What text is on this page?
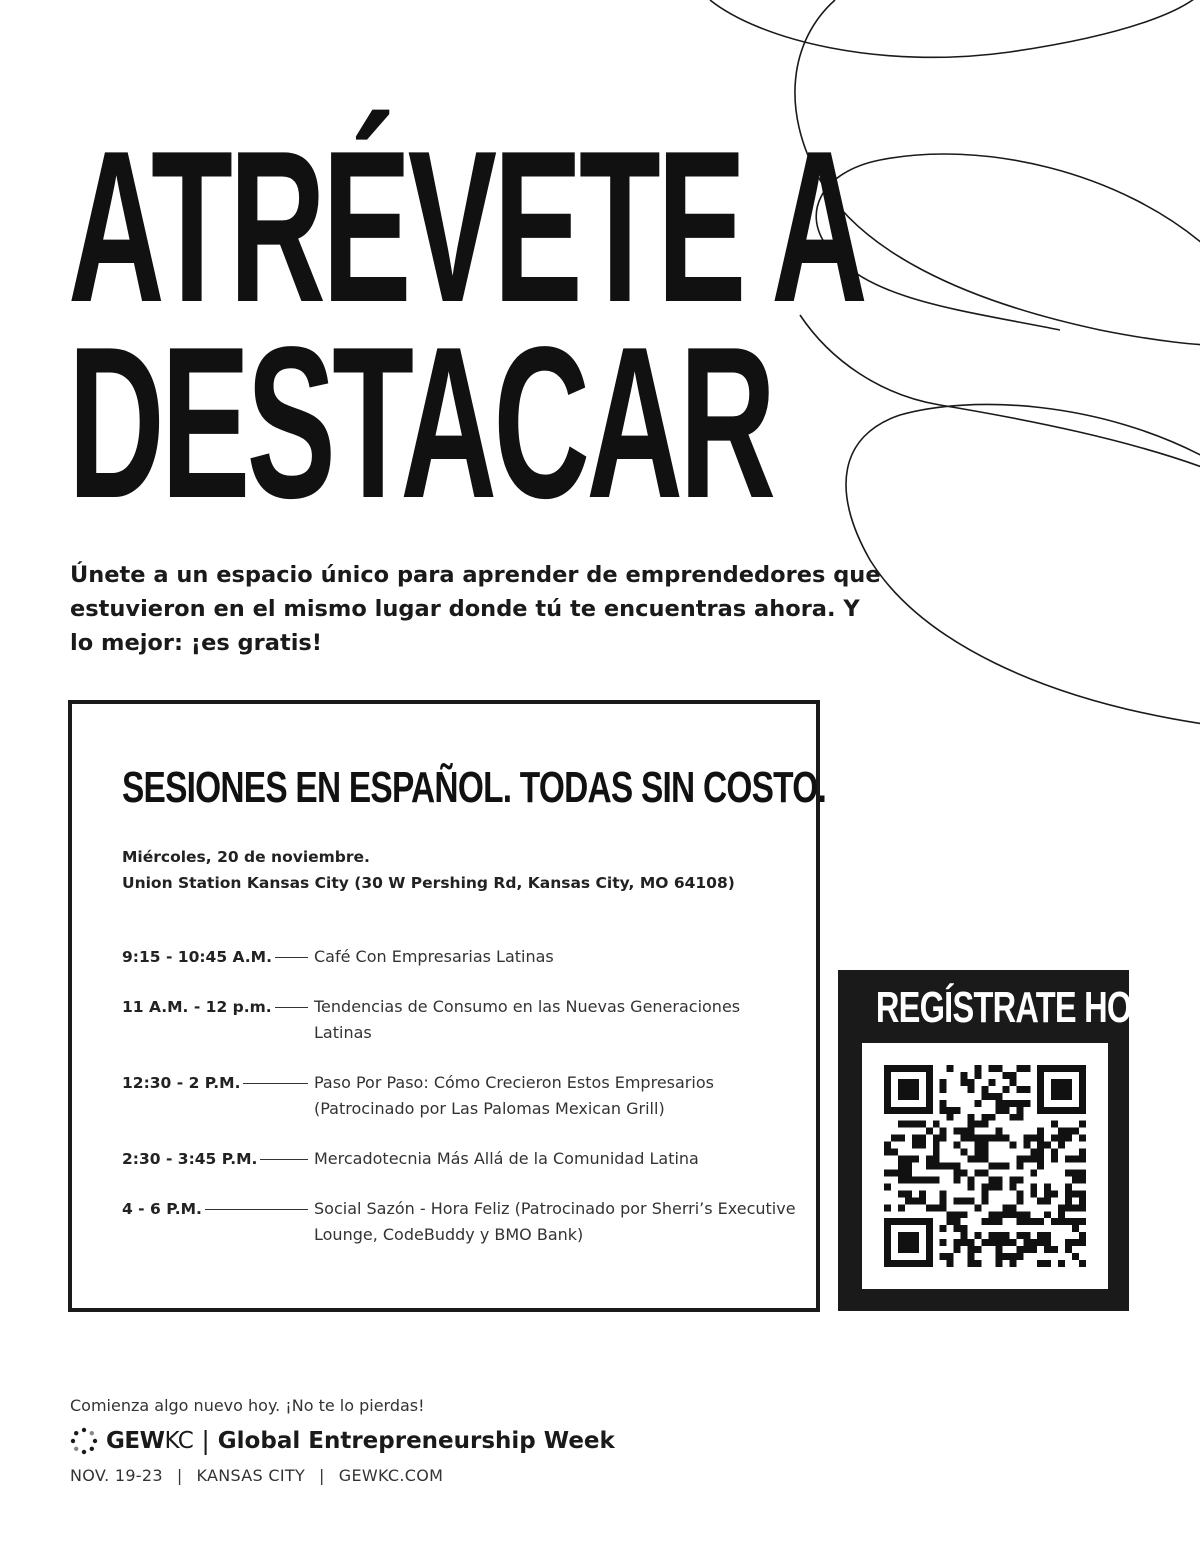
ATRÉVETE A
DESTACAR

Únete a un espacio único para aprender de emprendedores que estuvieron en el mismo lugar donde tú te encuentras ahora. Y lo mejor: ¡es gratis!

SESIONES EN ESPAÑOL. TODAS SIN COSTO.
Miércoles, 20 de noviembre.
Union Station Kansas City (30 W Pershing Rd, Kansas City, MO 64108)
9:15 - 10:45 A.M.	Café Con Empresarias Latinas
11 A.M. - 12 p.m.	Tendencias de Consumo en las Nuevas Generaciones Latinas
12:30 - 2 P.M.	Paso Por Paso: Cómo Crecieron Estos Empresarios (Patrocinado por Las Palomas Mexican Grill)
2:30 - 3:45 P.M.	Mercadotecnia Más Allá de la Comunidad Latina
4 - 6 P.M.	Social Sazón - Hora Feliz (Patrocinado por Sherri’s Executive Lounge, CodeBuddy y BMO Bank)
REGÍSTRATE HOY

Comienza algo nuevo hoy. ¡No te lo pierdas!

GEWKC | Global Entrepreneurship Week
NOV. 19-23 | KANSAS CITY | GEWKC.COM
